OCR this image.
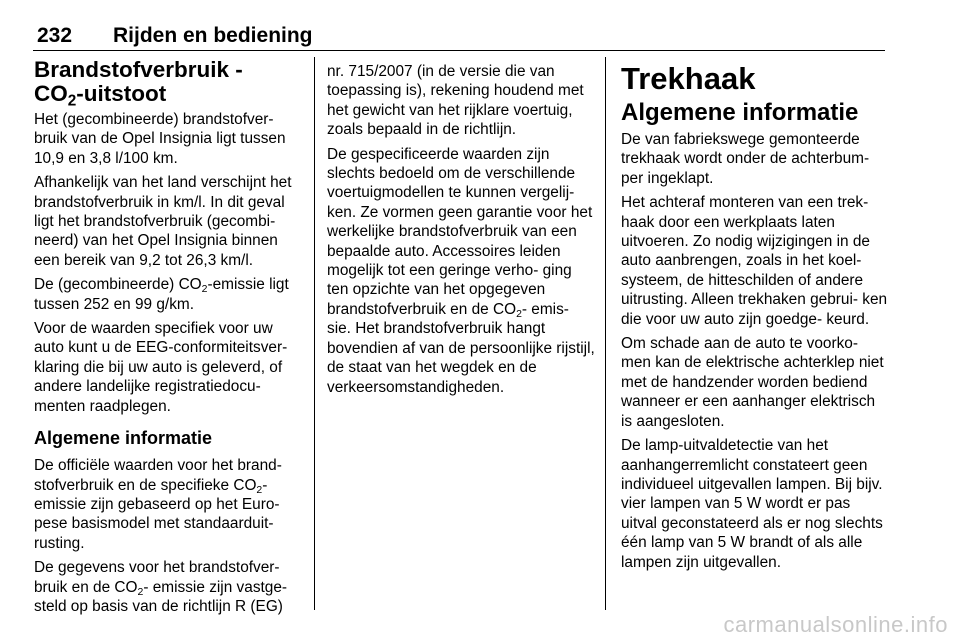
232 Rijden en bediening
Brandstofverbruik -
$CO_2$-uitstoot

Het (gecombineerde) brandstofver- bruik van de Opel Insignia ligt tussen 10,9 en 3,8 l/100 km.

Afhankelijk van het land verschijnt het brandstofverbruik in km/l. In dit geval ligt het brandstofverbruik (gecombi- neerd) van het Opel Insignia binnen een bereik van 9,2 tot 26,3 km/l.

De (gecombineerde) $CO_2$-emissie ligt tussen 252 en 99 g/km.

Voor de waarden specifiek voor uw auto kunt u de EEG-conformiteitsver- klaring die bij uw auto is geleverd, of andere landelijke registratiedocu- menten raadplegen.

Algemene informatie

De officiële waarden voor het brand- stofverbruik en de specifieke $CO_2-$ emissie zijn gebaseerd op het Euro- pese basismodel met standaarduit- rusting.

De gegevens voor het brandstofver- bruik en de $CO_2-$ emissie zijn vastge- steld op basis van de richtlijn R (EG)

nr. 715/2007 (in de versie die van toepassing is), rekening houdend met het gewicht van het rijklare voertuig, zoals bepaald in de richtlijn.

De gespecificeerde waarden zijn slechts bedoeld om de verschillende voertuigmodellen te kunnen vergelij- ken. Ze vormen geen garantie voor het werkelijke brandstofverbruik van een bepaalde auto. Accessoires leiden mogelijk tot een geringe verho- ging ten opzichte van het opgegeven brandstofverbruik en de $CO_2-$ emis- sie. Het brandstofverbruik hangt bovendien af van de persoonlijke rijstijl, de staat van het wegdek en de verkeersomstandigheden.

Trekhaak
Algemene informatie

De van fabriekswege gemonteerde trekhaak wordt onder de achterbum- per ingeklapt.

Het achteraf monteren van een trek- haak door een werkplaats laten uitvoeren. Zo nodig wijzigingen in de auto aanbrengen, zoals in het koel- systeem, de hitteschilden of andere uitrusting. Alleen trekhaken gebrui- ken die voor uw auto zijn goedge- keurd.

Om schade aan de auto te voorko- men kan de elektrische achterklep niet met de handzender worden bediend wanneer er een aanhanger elektrisch is aangesloten.

De lamp-uitvaldetectie van het aanhangerremlicht constateert geen individueel uitgevallen lampen. Bij bijv. vier lampen van 5 W wordt er pas uitval geconstateerd als er nog slechts één lamp van 5 W brandt of als alle lampen zijn uitgevallen.

carmanualsonline.info
